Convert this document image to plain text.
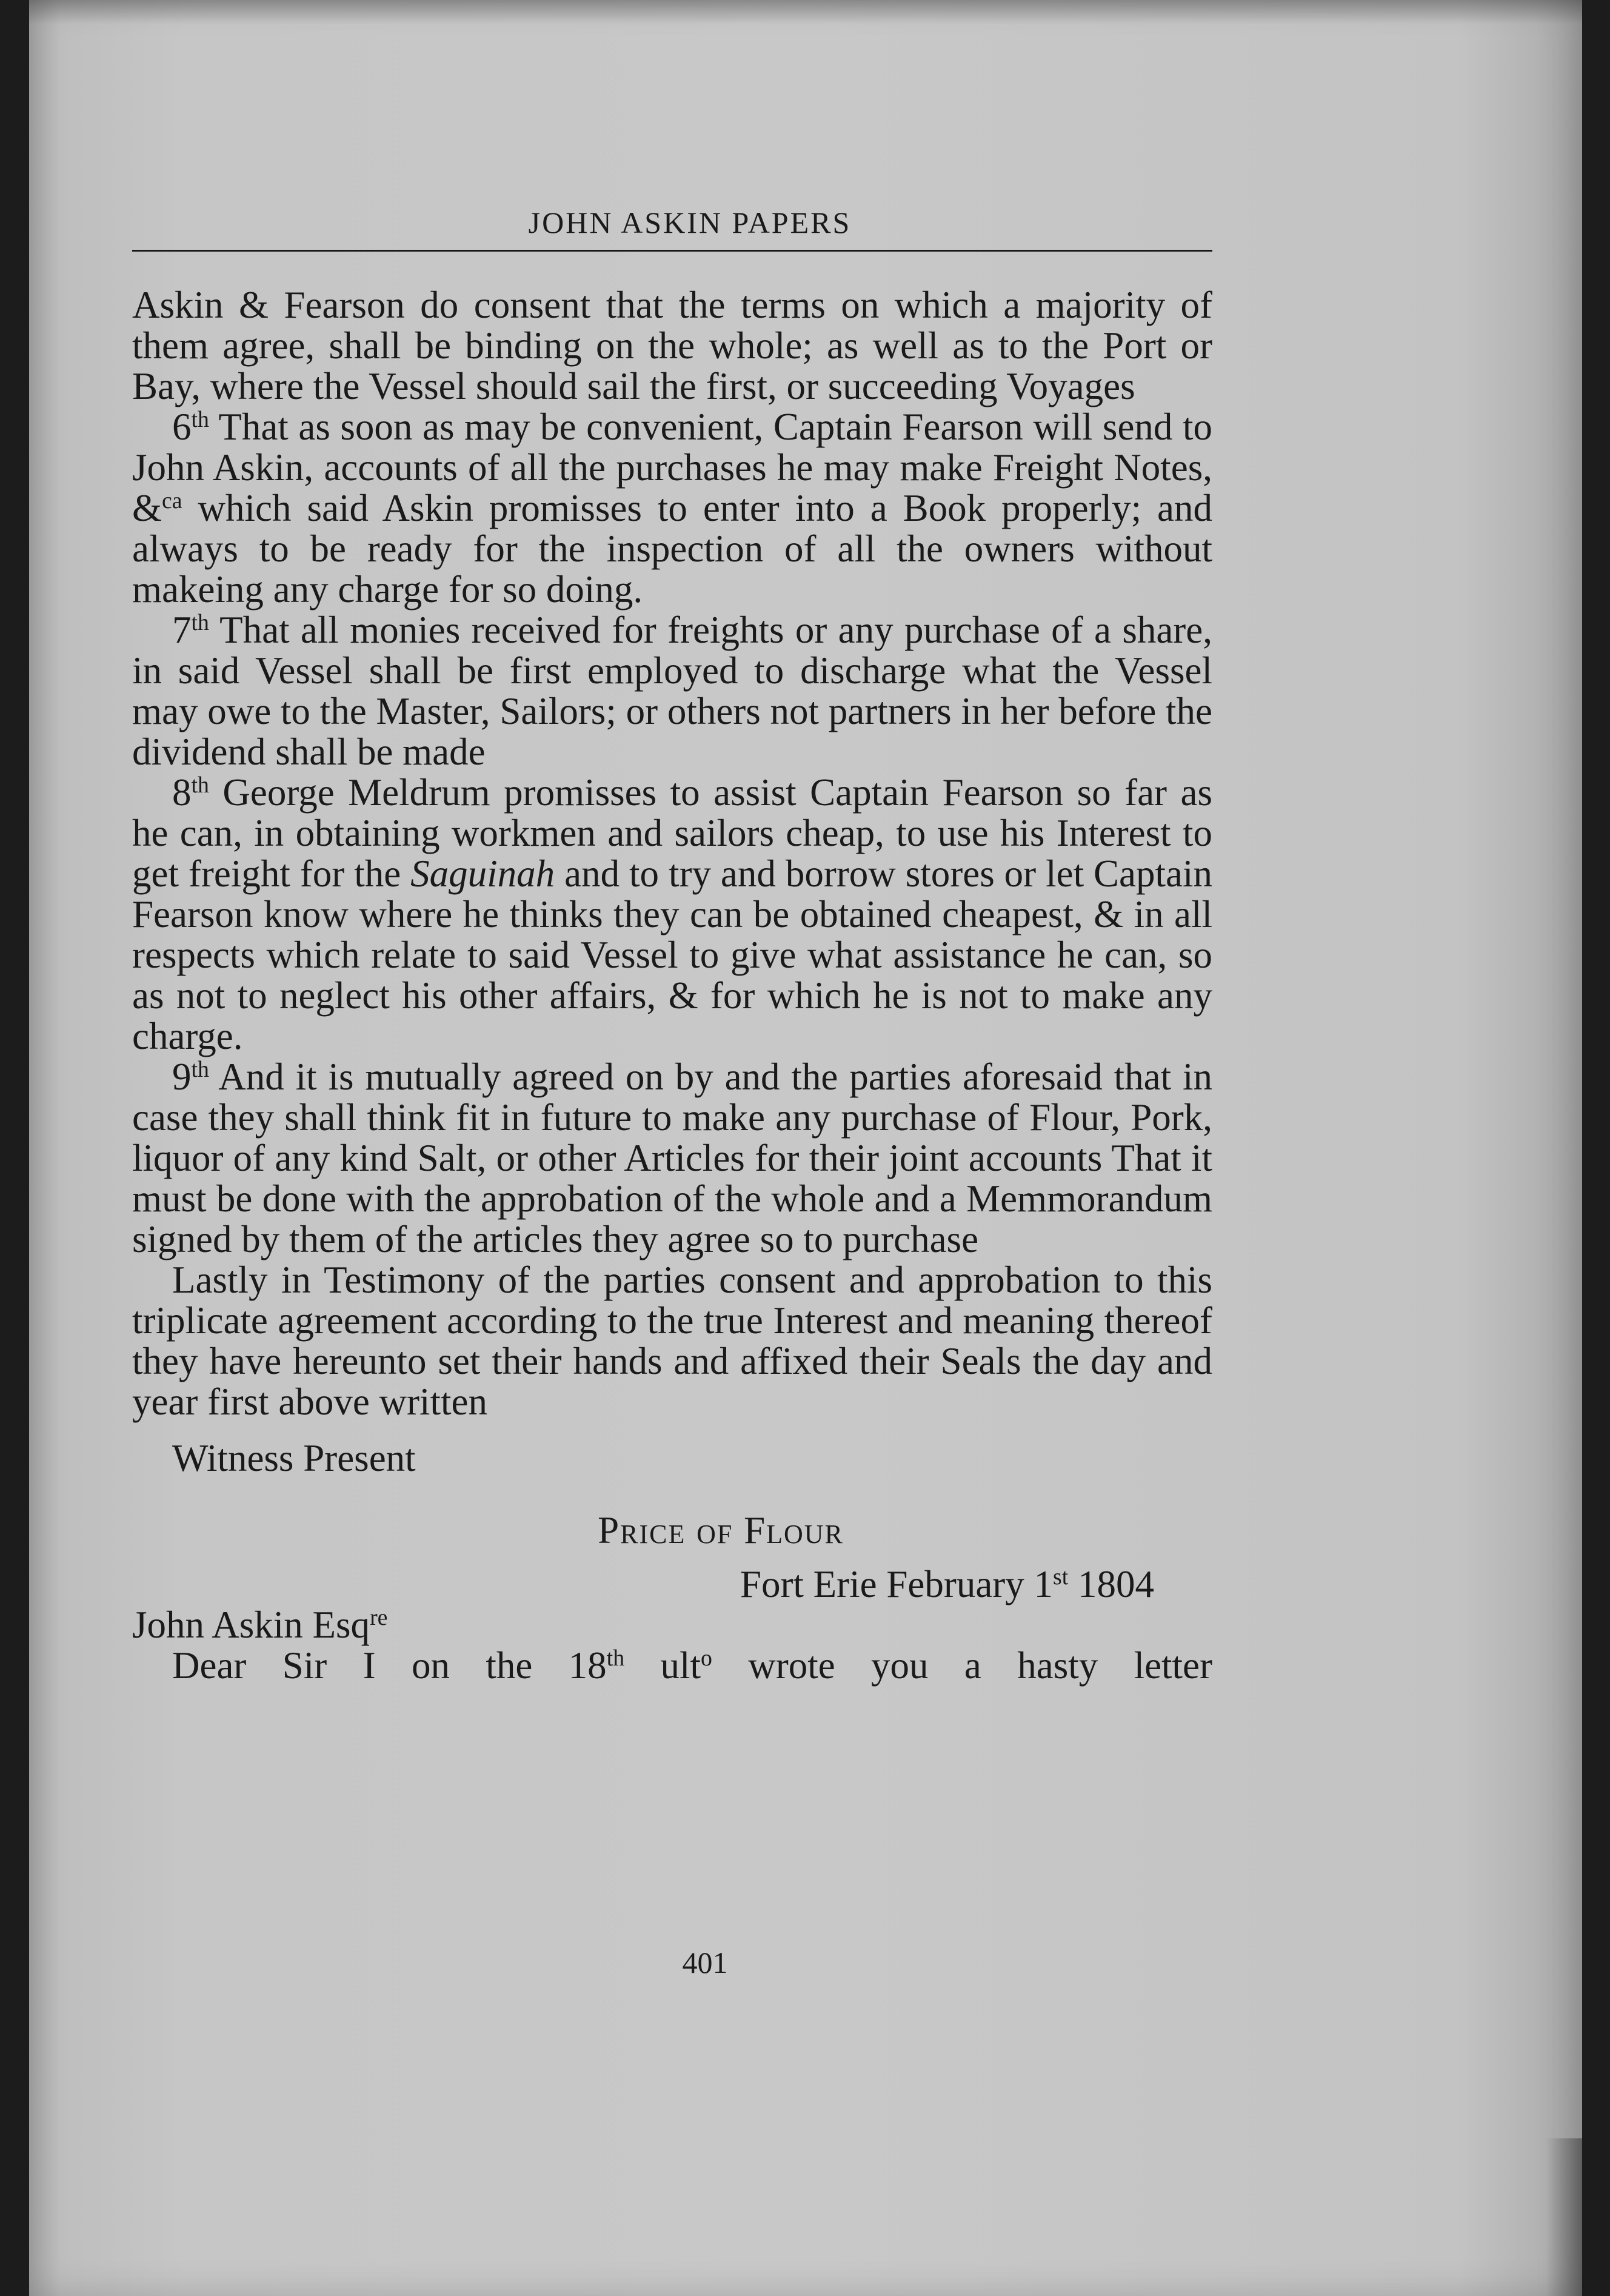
JOHN ASKIN PAPERS

Askin & Fearson do consent that the terms on which a majority of them agree, shall be binding on the whole; as well as to the Port or Bay, where the Vessel should sail the first, or succeeding Voyages

6th That as soon as may be convenient, Captain Fearson will send to John Askin, accounts of all the purchases he may make Freight Notes, &$^{ca}$ which said Askin promisses to enter into a Book properly; and always to be ready for the inspection of all the owners without makeing any charge for so doing.

7th That all monies received for freights or any purchase of a share, in said Vessel shall be first employed to discharge what the Vessel may owe to the Master, Sailors; or others not partners in her before the dividend shall be made

8th George Meldrum promisses to assist Captain Fearson so far as he can, in obtaining workmen and sailors cheap, to use his Interest to get freight for the Saguinah and to try and borrow stores or let Captain Fearson know where he thinks they can be obtained cheapest, & in all respects which relate to said Vessel to give what assistance he can, so as not to neglect his other affairs, & for which he is not to make any charge.

9th And it is mutually agreed on by and the parties aforesaid that in case they shall think fit in future to make any purchase of Flour, Pork, liquor of any kind Salt, or other Articles for their joint accounts That it must be done with the approbation of the whole and a Memmorandum signed by them of the articles they agree so to purchase

Lastly in Testimony of the parties consent and approbation to this triplicate agreement according to the true Interest and meaning thereof they have hereunto set their hands and affixed their Seals the day and year first above written

Witness Present

Price of Flour

Fort Erie February 1st 1804

John Askin Esq$^{re}$

Dear Sir I on the 18th ult$^o$ wrote you a hasty letter

401
